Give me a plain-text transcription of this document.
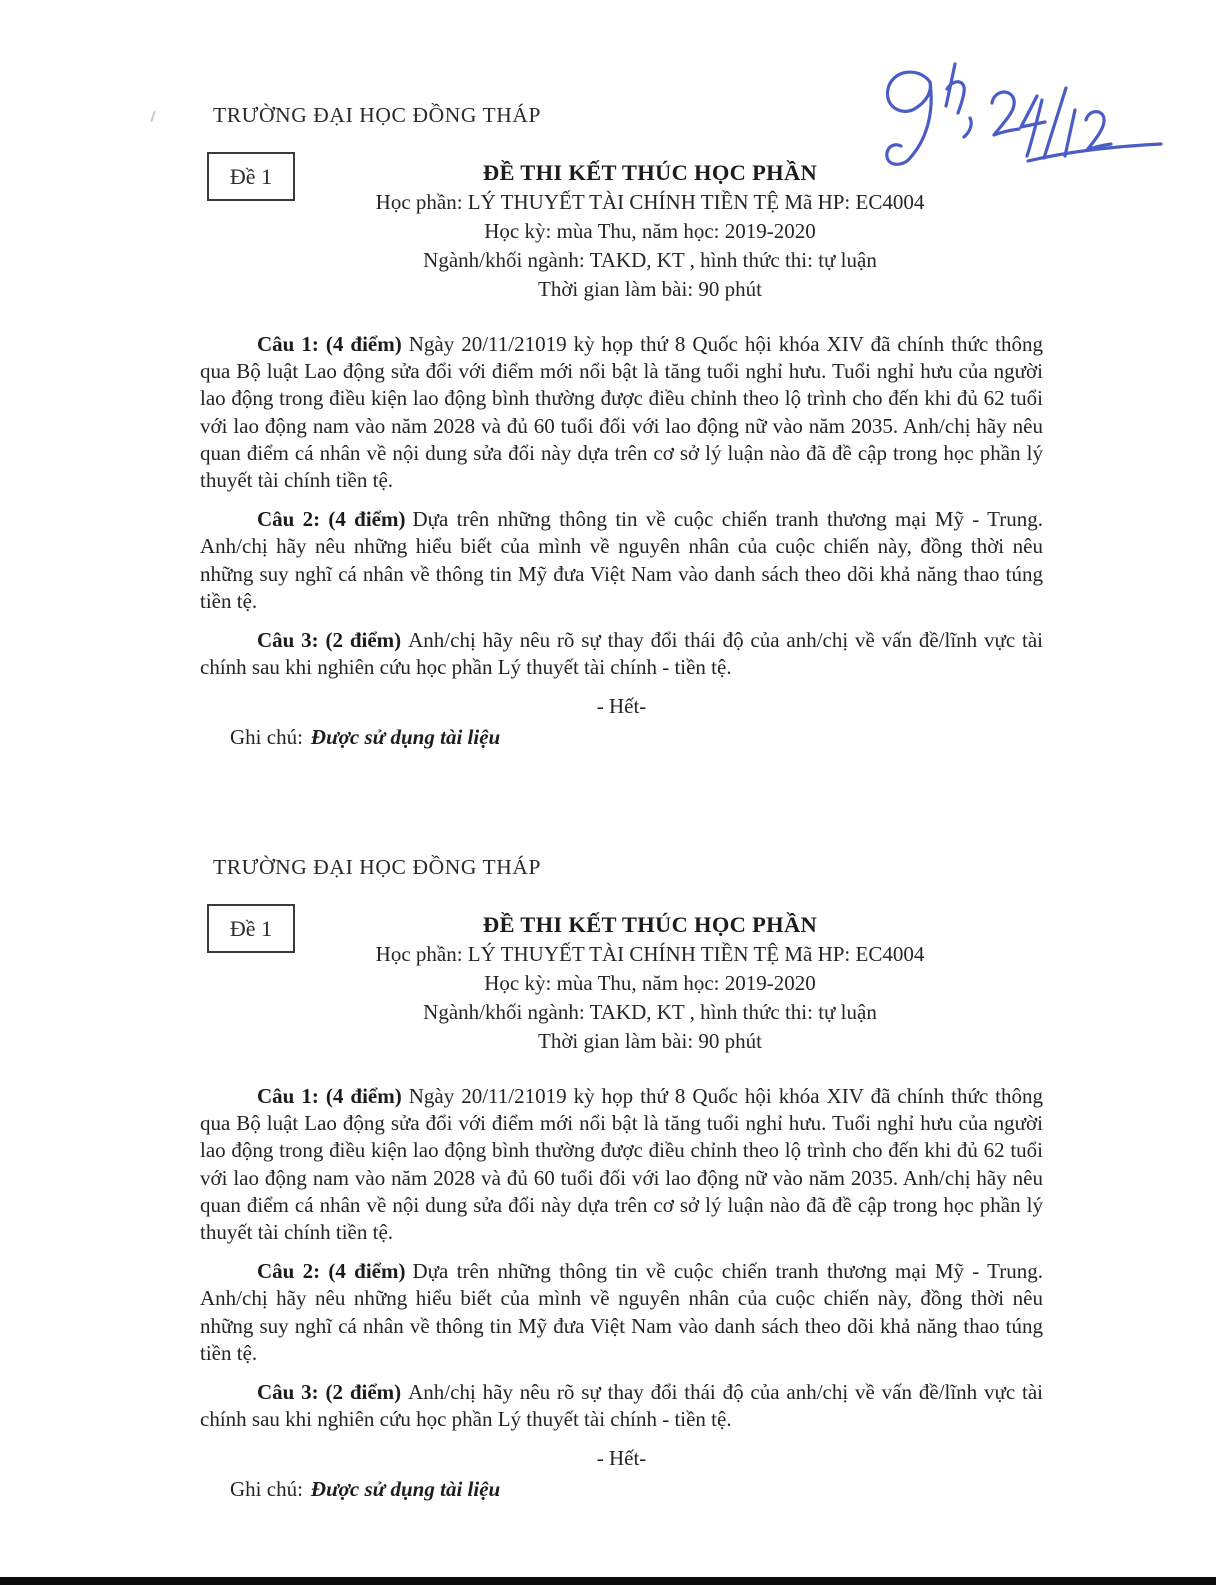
TRƯỜNG ĐẠI HỌC ĐỒNG THÁP
Đề 1	ĐỀ THI KẾT THÚC HỌC PHẦN
Học phần: LÝ THUYẾT TÀI CHÍNH TIỀN TỆ Mã HP: EC4004
Học kỳ: mùa Thu, năm học: 2019-2020
Ngành/khối ngành: TAKD, KT , hình thức thi: tự luận
Thời gian làm bài: 90 phút

Câu 1: (4 điểm) Ngày 20/11/21019 kỳ họp thứ 8 Quốc hội khóa XIV đã chính thức thông qua Bộ luật Lao động sửa đổi với điểm mới nổi bật là tăng tuổi nghỉ hưu. Tuổi nghỉ hưu của người lao động trong điều kiện lao động bình thường được điều chỉnh theo lộ trình cho đến khi đủ 62 tuổi với lao động nam vào năm 2028 và đủ 60 tuổi đối với lao động nữ vào năm 2035. Anh/chị hãy nêu quan điểm cá nhân về nội dung sửa đổi này dựa trên cơ sở lý luận nào đã đề cập trong học phần lý thuyết tài chính tiền tệ.

Câu 2: (4 điểm) Dựa trên những thông tin về cuộc chiến tranh thương mại Mỹ - Trung. Anh/chị hãy nêu những hiểu biết của mình về nguyên nhân của cuộc chiến này, đồng thời nêu những suy nghĩ cá nhân về thông tin Mỹ đưa Việt Nam vào danh sách theo dõi khả năng thao túng tiền tệ.

Câu 3: (2 điểm) Anh/chị hãy nêu rõ sự thay đổi thái độ của anh/chị về vấn đề/lĩnh vực tài chính sau khi nghiên cứu học phần Lý thuyết tài chính - tiền tệ.

- Hết-

Ghi chú: Được sử dụng tài liệu

TRƯỜNG ĐẠI HỌC ĐỒNG THÁP
Đề 1	ĐỀ THI KẾT THÚC HỌC PHẦN
Học phần: LÝ THUYẾT TÀI CHÍNH TIỀN TỆ Mã HP: EC4004
Học kỳ: mùa Thu, năm học: 2019-2020
Ngành/khối ngành: TAKD, KT , hình thức thi: tự luận
Thời gian làm bài: 90 phút

Câu 1: (4 điểm) Ngày 20/11/21019 kỳ họp thứ 8 Quốc hội khóa XIV đã chính thức thông qua Bộ luật Lao động sửa đổi với điểm mới nổi bật là tăng tuổi nghỉ hưu. Tuổi nghỉ hưu của người lao động trong điều kiện lao động bình thường được điều chỉnh theo lộ trình cho đến khi đủ 62 tuổi với lao động nam vào năm 2028 và đủ 60 tuổi đối với lao động nữ vào năm 2035. Anh/chị hãy nêu quan điểm cá nhân về nội dung sửa đổi này dựa trên cơ sở lý luận nào đã đề cập trong học phần lý thuyết tài chính tiền tệ.

Câu 2: (4 điểm) Dựa trên những thông tin về cuộc chiến tranh thương mại Mỹ - Trung. Anh/chị hãy nêu những hiểu biết của mình về nguyên nhân của cuộc chiến này, đồng thời nêu những suy nghĩ cá nhân về thông tin Mỹ đưa Việt Nam vào danh sách theo dõi khả năng thao túng tiền tệ.

Câu 3: (2 điểm) Anh/chị hãy nêu rõ sự thay đổi thái độ của anh/chị về vấn đề/lĩnh vực tài chính sau khi nghiên cứu học phần Lý thuyết tài chính - tiền tệ.

- Hết-

Ghi chú: Được sử dụng tài liệu
